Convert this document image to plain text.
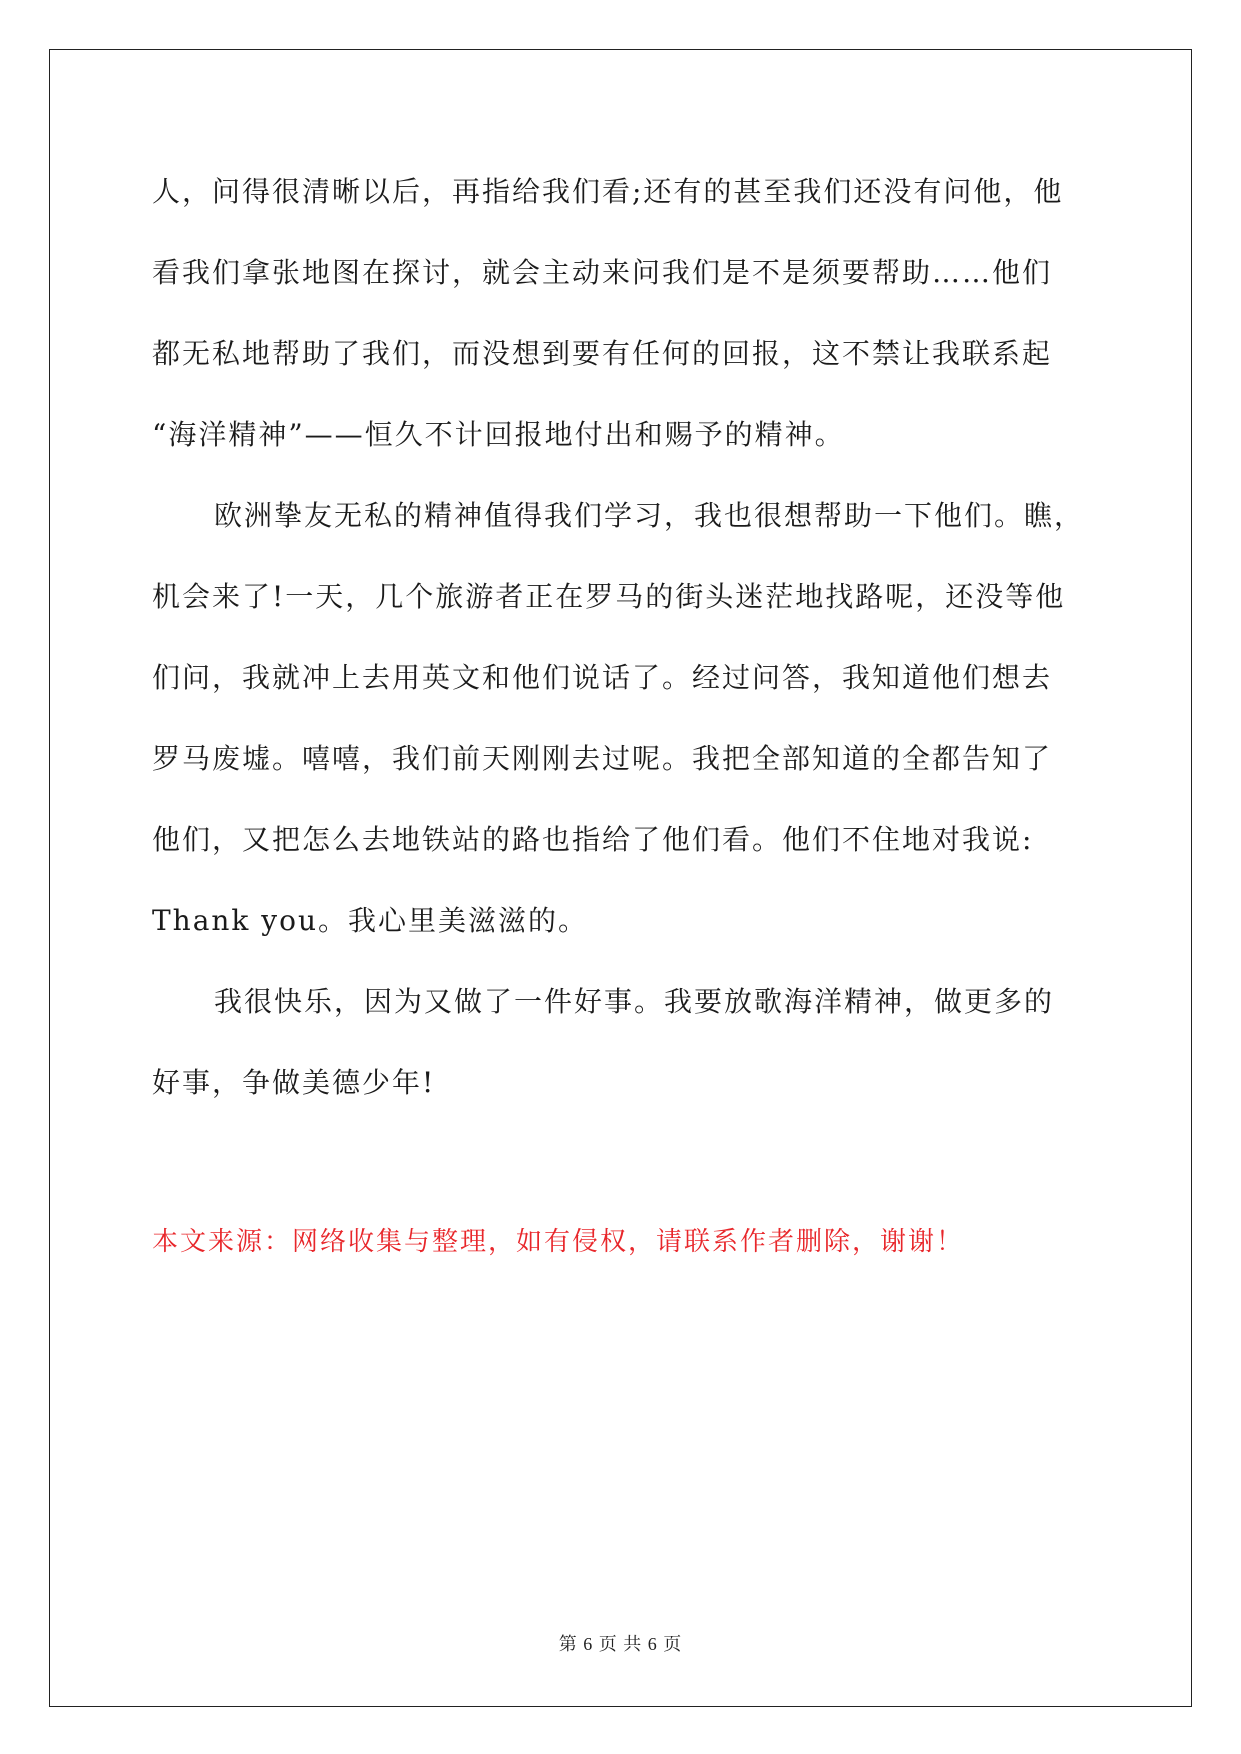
人，问得很清晰以后，再指给我们看;还有的甚至我们还没有问他，他
看我们拿张地图在探讨，就会主动来问我们是不是须要帮助……他们
都无私地帮助了我们，而没想到要有任何的回报，这不禁让我联系起
“海洋精神”——恒久不计回报地付出和赐予的精神。
欧洲挚友无私的精神值得我们学习，我也很想帮助一下他们。瞧，
机会来了!一天，几个旅游者正在罗马的街头迷茫地找路呢，还没等他
们问，我就冲上去用英文和他们说话了。经过问答，我知道他们想去
罗马废墟。嘻嘻，我们前天刚刚去过呢。我把全部知道的全都告知了
他们，又把怎么去地铁站的路也指给了他们看。他们不住地对我说:
Thank you。我心里美滋滋的。
我很快乐，因为又做了一件好事。我要放歌海洋精神，做更多的
好事，争做美德少年!
本文来源：网络收集与整理，如有侵权，请联系作者删除，谢谢！
第 6 页 共 6 页
